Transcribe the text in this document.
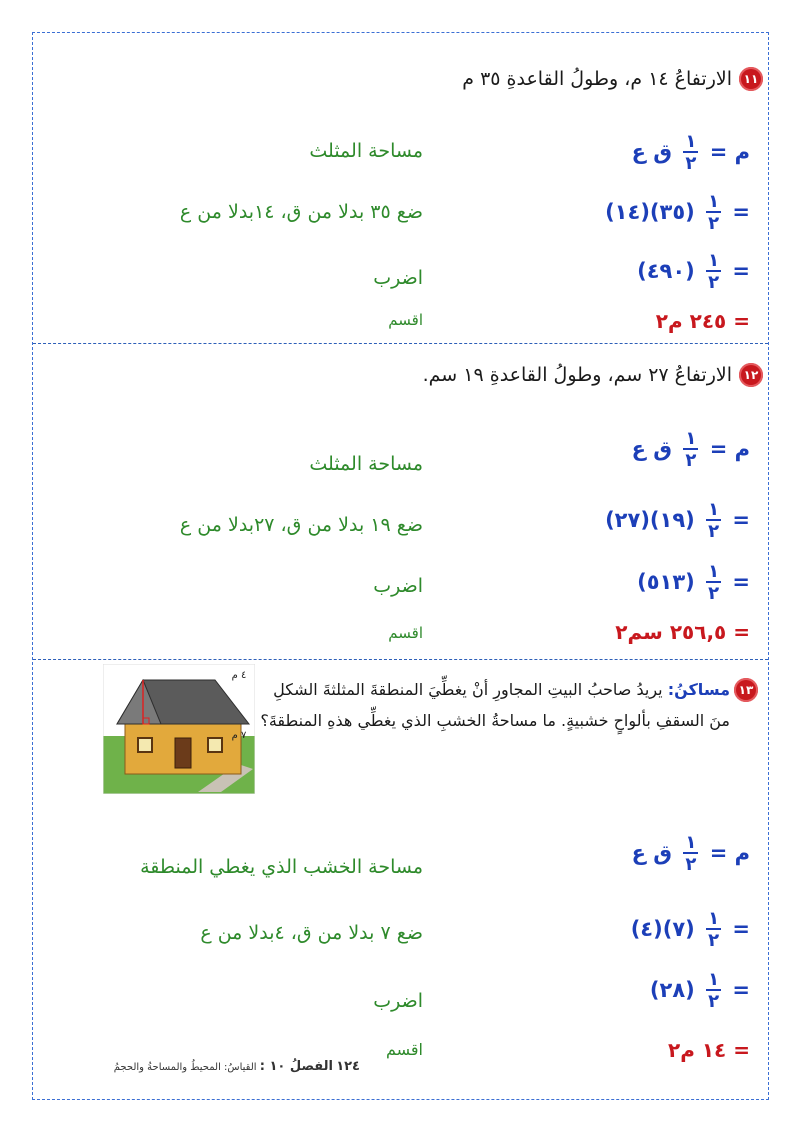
١١
الارتفاعُ ١٤ م، وطولُ القاعدةِ ٣٥ م
م =
$\frac{١}{٢}$
ق ع
مساحة المثلث
=
$\frac{١}{٢}$
(٣٥)(١٤)
ضع ٣٥ بدلا من ق، ١٤بدلا من ع
=
$\frac{١}{٢}$
(٤٩٠)
اضرب
= ٢٤٥ م٢
اقسم
١٢
الارتفاعُ ٢٧ سم، وطولُ القاعدةِ ١٩ سم.
م =
$\frac{١}{٢}$
ق ع
مساحة المثلث
=
$\frac{١}{٢}$
(١٩)(٢٧)
ضع ١٩ بدلا من ق، ٢٧بدلا من ع
=
$\frac{١}{٢}$
(٥١٣)
اضرب
= ٢٥٦,٥ سم٢
اقسم
١٣
مساكنُ: يريدُ صاحبُ البيتِ المجاورِ أنْ يغطِّيَ المنطقةَ المثلثةَ الشكلِ منَ السقفِ بألواحٍ خشبيةٍ. ما مساحةُ الخشبِ الذي يغطِّي هذهِ المنطقةَ؟
٤ م
٧ م
م =
$\frac{١}{٢}$
ق ع
مساحة الخشب الذي يغطي المنطقة
=
$\frac{١}{٢}$
(٧)(٤)
ضع ٧ بدلا من ق، ٤بدلا من ع
=
$\frac{١}{٢}$
(٢٨)
اضرب
= ١٤ م٢
اقسم
١٢٤ الفصلُ ١٠ : القياسُ: المحيطُ والمساحةُ والحجمُ
